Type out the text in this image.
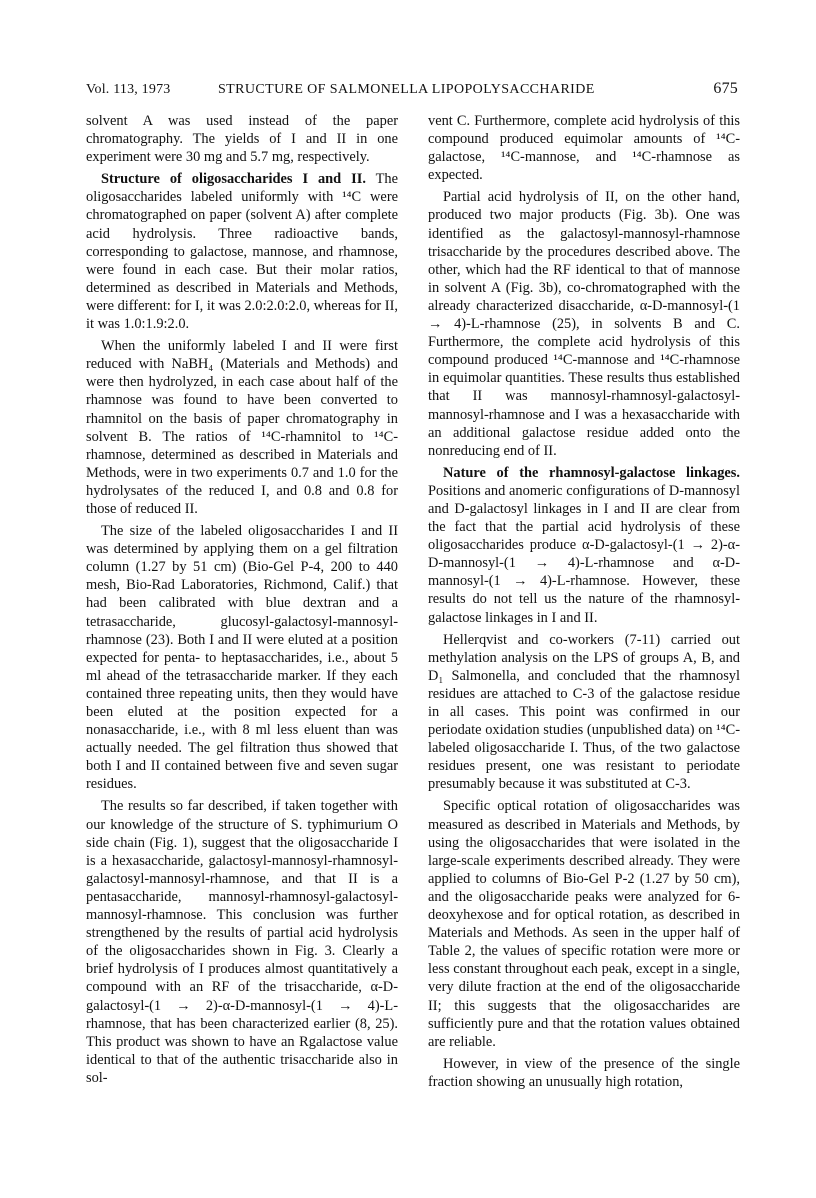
Vol. 113, 1973	STRUCTURE OF SALMONELLA LIPOPOLYSACCHARIDE	675

solvent A was used instead of the paper chromatography. The yields of I and II in one experiment were 30 mg and 5.7 mg, respectively.

Structure of oligosaccharides I and II. The oligosaccharides labeled uniformly with ¹⁴C were chromatographed on paper (solvent A) after complete acid hydrolysis. Three radioactive bands, corresponding to galactose, mannose, and rhamnose, were found in each case. But their molar ratios, determined as described in Materials and Methods, were different: for I, it was 2.0:2.0:2.0, whereas for II, it was 1.0:1.9:2.0.

When the uniformly labeled I and II were first reduced with NaBH₄ (Materials and Methods) and were then hydrolyzed, in each case about half of the rhamnose was found to have been converted to rhamnitol on the basis of paper chromatography in solvent B. The ratios of ¹⁴C-rhamnitol to ¹⁴C-rhamnose, determined as described in Materials and Methods, were in two experiments 0.7 and 1.0 for the hydrolysates of the reduced I, and 0.8 and 0.8 for those of reduced II.

The size of the labeled oligosaccharides I and II was determined by applying them on a gel filtration column (1.27 by 51 cm) (Bio-Gel P-4, 200 to 440 mesh, Bio-Rad Laboratories, Richmond, Calif.) that had been calibrated with blue dextran and a tetrasaccharide, glucosyl-galactosyl-mannosyl-rhamnose (23). Both I and II were eluted at a position expected for penta- to heptasaccharides, i.e., about 5 ml ahead of the tetrasaccharide marker. If they each contained three repeating units, then they would have been eluted at the position expected for a nonasaccharide, i.e., with 8 ml less eluent than was actually needed. The gel filtration thus showed that both I and II contained between five and seven sugar residues.

The results so far described, if taken together with our knowledge of the structure of S. typhimurium O side chain (Fig. 1), suggest that the oligosaccharide I is a hexasaccharide, galactosyl-mannosyl-rhamnosyl-galactosyl-mannosyl-rhamnose, and that II is a pentasaccharide, mannosyl-rhamnosyl-galactosyl-mannosyl-rhamnose. This conclusion was further strengthened by the results of partial acid hydrolysis of the oligosaccharides shown in Fig. 3. Clearly a brief hydrolysis of I produces almost quantitatively a compound with an RF of the trisaccharide, α-D-galactosyl-(1 → 2)-α-D-mannosyl-(1 → 4)-L-rhamnose, that has been characterized earlier (8, 25). This product was shown to have an Rgalactose value identical to that of the authentic trisaccharide also in sol-

vent C. Furthermore, complete acid hydrolysis of this compound produced equimolar amounts of ¹⁴C-galactose, ¹⁴C-mannose, and ¹⁴C-rhamnose as expected.

Partial acid hydrolysis of II, on the other hand, produced two major products (Fig. 3b). One was identified as the galactosyl-mannosyl-rhamnose trisaccharide by the procedures described above. The other, which had the RF identical to that of mannose in solvent A (Fig. 3b), co-chromatographed with the already characterized disaccharide, α-D-mannosyl-(1 → 4)-L-rhamnose (25), in solvents B and C. Furthermore, the complete acid hydrolysis of this compound produced ¹⁴C-mannose and ¹⁴C-rhamnose in equimolar quantities. These results thus established that II was mannosyl-rhamnosyl-galactosyl-mannosyl-rhamnose and I was a hexasaccharide with an additional galactose residue added onto the nonreducing end of II.

Nature of the rhamnosyl-galactose linkages. Positions and anomeric configurations of D-mannosyl and D-galactosyl linkages in I and II are clear from the fact that the partial acid hydrolysis of these oligosaccharides produce α-D-galactosyl-(1 → 2)-α-D-mannosyl-(1 → 4)-L-rhamnose and α-D-mannosyl-(1 → 4)-L-rhamnose. However, these results do not tell us the nature of the rhamnosyl-galactose linkages in I and II.

Hellerqvist and co-workers (7-11) carried out methylation analysis on the LPS of groups A, B, and D₁ Salmonella, and concluded that the rhamnosyl residues are attached to C-3 of the galactose residue in all cases. This point was confirmed in our periodate oxidation studies (unpublished data) on ¹⁴C-labeled oligosaccharide I. Thus, of the two galactose residues present, one was resistant to periodate presumably because it was substituted at C-3.

Specific optical rotation of oligosaccharides was measured as described in Materials and Methods, by using the oligosaccharides that were isolated in the large-scale experiments described already. They were applied to columns of Bio-Gel P-2 (1.27 by 50 cm), and the oligosaccharide peaks were analyzed for 6-deoxyhexose and for optical rotation, as described in Materials and Methods. As seen in the upper half of Table 2, the values of specific rotation were more or less constant throughout each peak, except in a single, very dilute fraction at the end of the oligosaccharide II; this suggests that the oligosaccharides are sufficiently pure and that the rotation values obtained are reliable.

However, in view of the presence of the single fraction showing an unusually high rotation,
